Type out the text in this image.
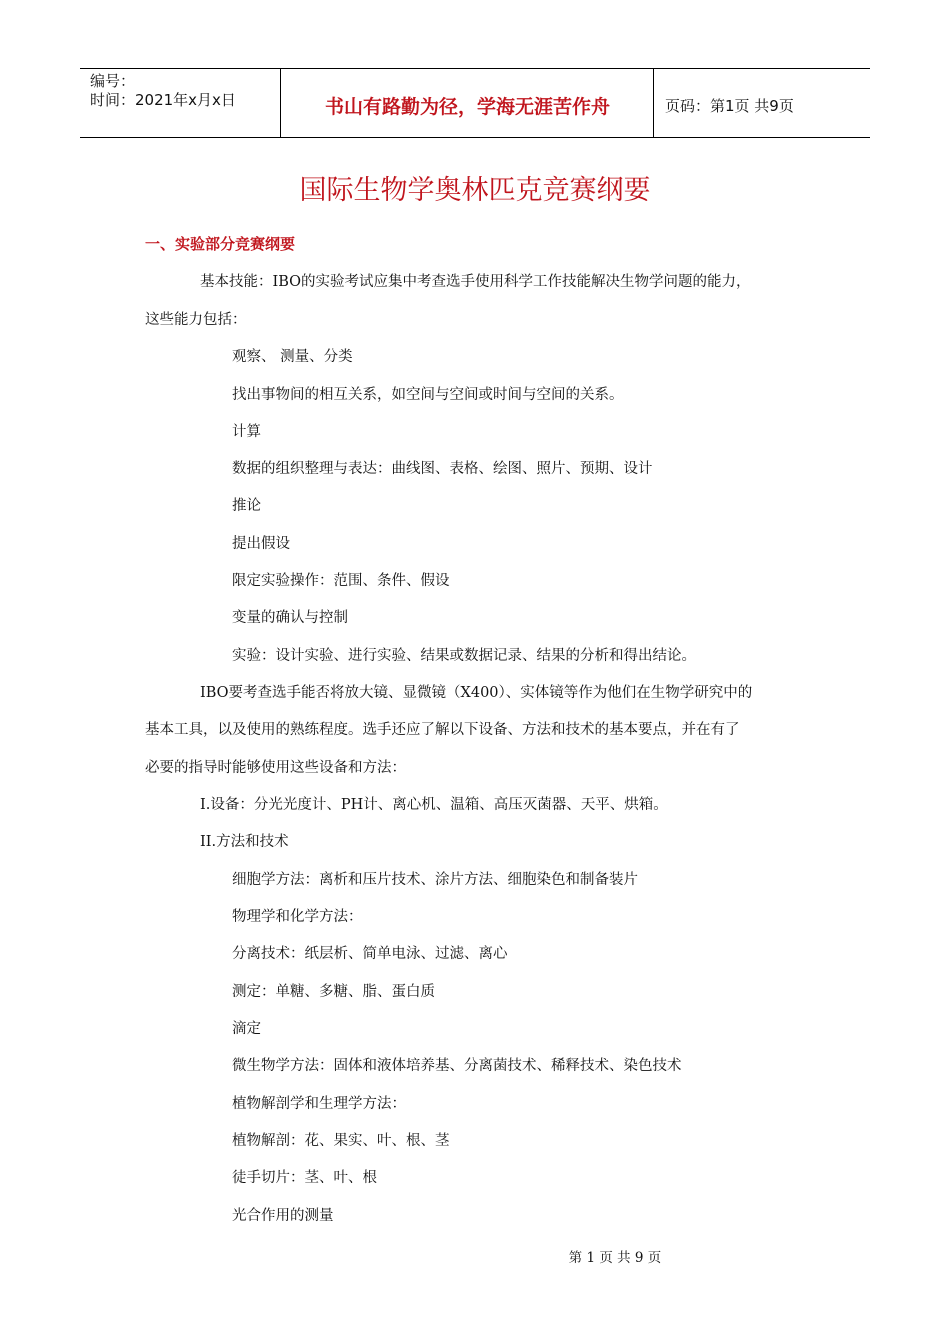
编号：
时间：2021年x月x日	书山有路勤为径，学海无涯苦作舟	页码：第1页 共9页
国际生物学奥林匹克竞赛纲要
一、实验部分竞赛纲要
基本技能：IBO的实验考试应集中考查选手使用科学工作技能解决生物学问题的能力，
这些能力包括：
观察、 测量、分类
找出事物间的相互关系，如空间与空间或时间与空间的关系。
计算
数据的组织整理与表达：曲线图、表格、绘图、照片、预期、设计
推论
提出假设
限定实验操作：范围、条件、假设
变量的确认与控制
实验：设计实验、进行实验、结果或数据记录、结果的分析和得出结论。
IBO要考查选手能否将放大镜、显微镜（X400）、实体镜等作为他们在生物学研究中的
基本工具，以及使用的熟练程度。选手还应了解以下设备、方法和技术的基本要点，并在有了
必要的指导时能够使用这些设备和方法：
I.设备：分光光度计、PH计、离心机、温箱、高压灭菌器、天平、烘箱。
II.方法和技术
细胞学方法：离析和压片技术、涂片方法、细胞染色和制备装片
物理学和化学方法：
分离技术：纸层析、简单电泳、过滤、离心
测定：单糖、多糖、脂、蛋白质
滴定
微生物学方法：固体和液体培养基、分离菌技术、稀释技术、染色技术
植物解剖学和生理学方法：
植物解剖：花、果实、叶、根、茎
徒手切片：茎、叶、根
光合作用的测量
第 1 页 共 9 页
